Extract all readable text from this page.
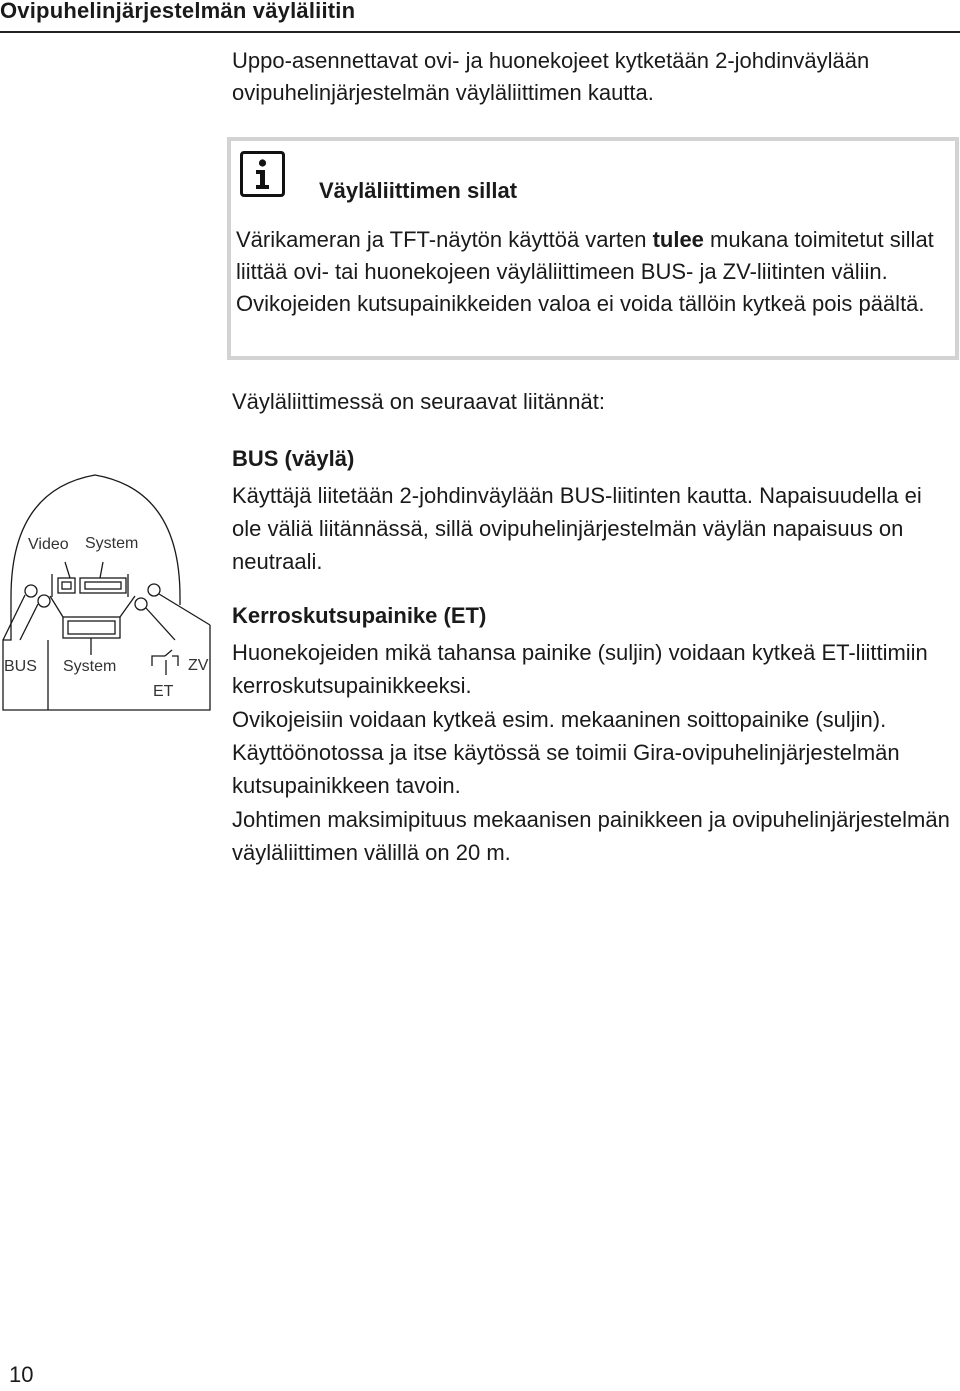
Ovipuhelinjärjestelmän väyläliitin

Uppo-asennettavat ovi- ja huonekojeet kytketään 2-johdinväylään ovipuhelinjärjestelmän väyläliittimen kautta.

Väyläliittimen sillat

Värikameran ja TFT-näytön käyttöä varten tulee mukana toimitetut sillat liittää ovi- tai huonekojeen väyläliittimeen BUS- ja ZV-liitinten väliin. Ovikojeiden kutsupainikkeiden valoa ei voida tällöin kytkeä pois päältä.

Väyläliittimessä on seuraavat liitännät:

BUS (väylä)

Käyttäjä liitetään 2-johdinväylään BUS-liitinten kautta. Napaisuudella ei ole väliä liitännässä, sillä ovipuhelinjärjestelmän väylän napaisuus on neutraali.

Kerroskutsupainike (ET)

Huonekojeiden mikä tahansa painike (suljin) voidaan kytkeä ET-liittimiin kerroskutsupainikkeeksi.

Ovikojeisiin voidaan kytkeä esim. mekaaninen soittopainike (suljin). Käyttöönotossa ja itse käytössä se toimii Gira-ovipuhelinjärjestelmän kutsupainikkeen tavoin.

Johtimen maksimipituus mekaanisen painikkeen ja ovipuhelinjärjestelmän väyläliittimen välillä on 20 m.

Video System
BUS System	ZV
ET
10
